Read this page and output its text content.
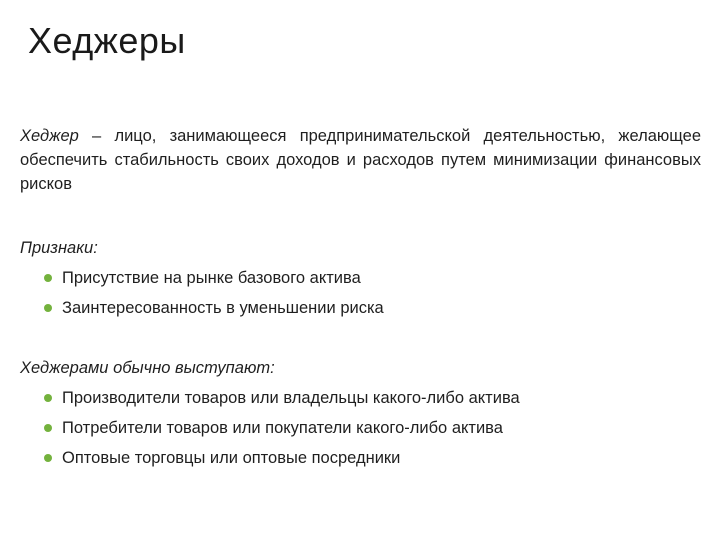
Хеджеры

Хеджер – лицо, занимающееся предпринимательской деятельностью, желающее обеспечить стабильность своих доходов и расходов путем минимизации финансовых рисков

Признаки:

Присутствие на рынке базового актива
Заинтересованность в уменьшении риска

Хеджерами обычно выступают:

Производители товаров или владельцы какого-либо актива
Потребители товаров или покупатели какого-либо актива
Оптовые торговцы или оптовые посредники
